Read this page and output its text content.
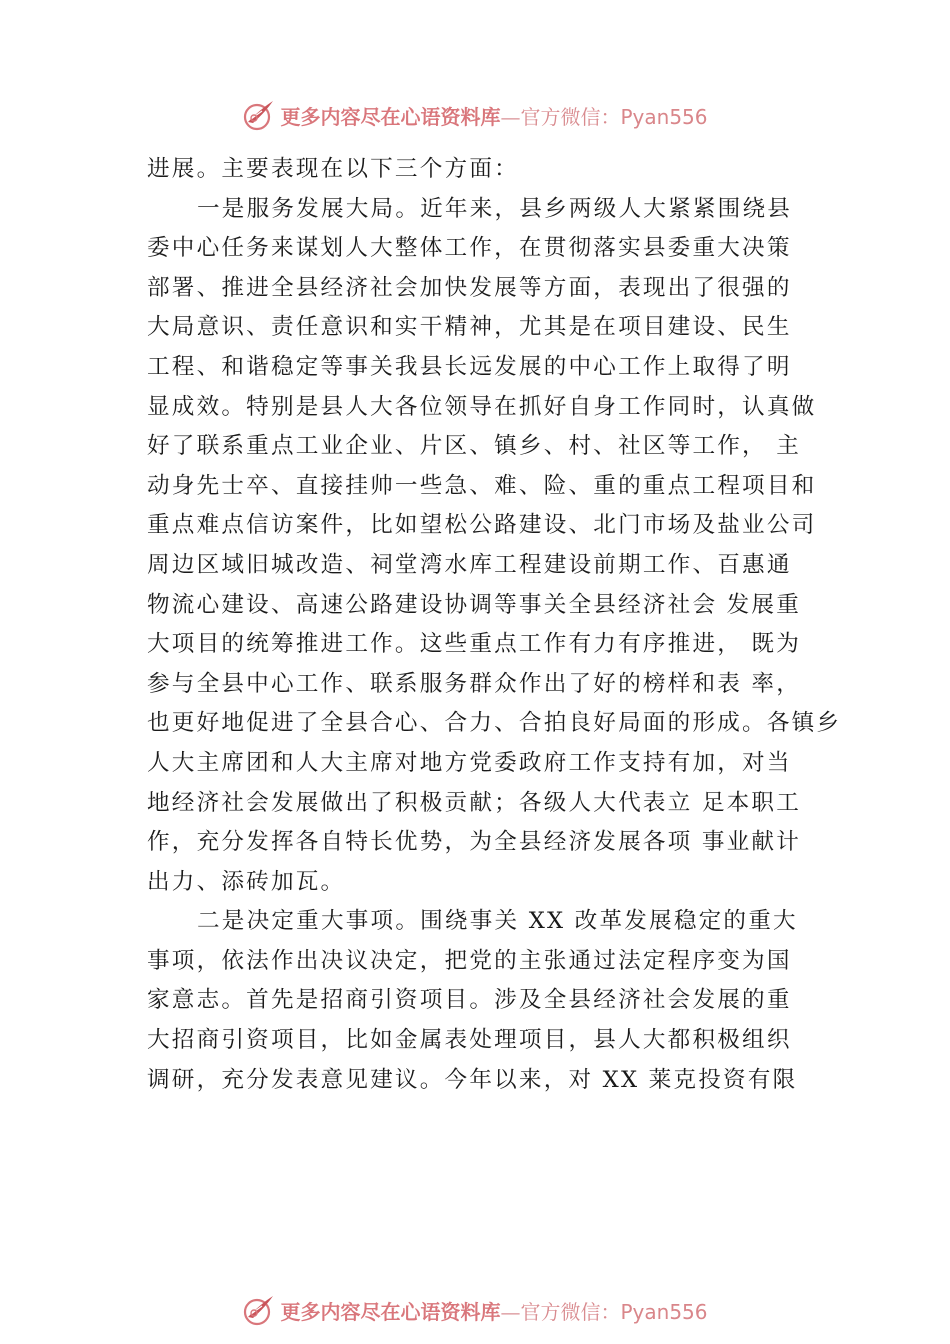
更多内容尽在心语资料库—官方微信：Pyan556
进展。主要表现在以下三个方面：
一是服务发展大局。近年来，县乡两级人大紧紧围绕县
委中心任务来谋划人大整体工作，在贯彻落实县委重大决策
部署、推进全县经济社会加快发展等方面，表现出了很强的
大局意识、责任意识和实干精神，尤其是在项目建设、民生
工程、和谐稳定等事关我县长远发展的中心工作上取得了明
显成效。特别是县人大各位领导在抓好自身工作同时，认真做
好了联系重点工业企业、片区、镇乡、村、社区等工作， 主
动身先士卒、直接挂帅一些急、难、险、重的重点工程项目和
重点难点信访案件，比如望松公路建设、北门市场及盐业公司
周边区域旧城改造、祠堂湾水库工程建设前期工作、百惠通
物流心建设、高速公路建设协调等事关全县经济社会 发展重
大项目的统筹推进工作。这些重点工作有力有序推进， 既为
参与全县中心工作、联系服务群众作出了好的榜样和表 率，
也更好地促进了全县合心、合力、合拍良好局面的形成。各镇乡
人大主席团和人大主席对地方党委政府工作支持有加，对当
地经济社会发展做出了积极贡献；各级人大代表立 足本职工
作，充分发挥各自特长优势，为全县经济发展各项 事业献计
出力、添砖加瓦。
二是决定重大事项。围绕事关 XX 改革发展稳定的重大
事项，依法作出决议决定，把党的主张通过法定程序变为国
家意志。首先是招商引资项目。涉及全县经济社会发展的重
大招商引资项目，比如金属表处理项目，县人大都积极组织
调研，充分发表意见建议。今年以来，对 XX 莱克投资有限
更多内容尽在心语资料库—官方微信：Pyan556
